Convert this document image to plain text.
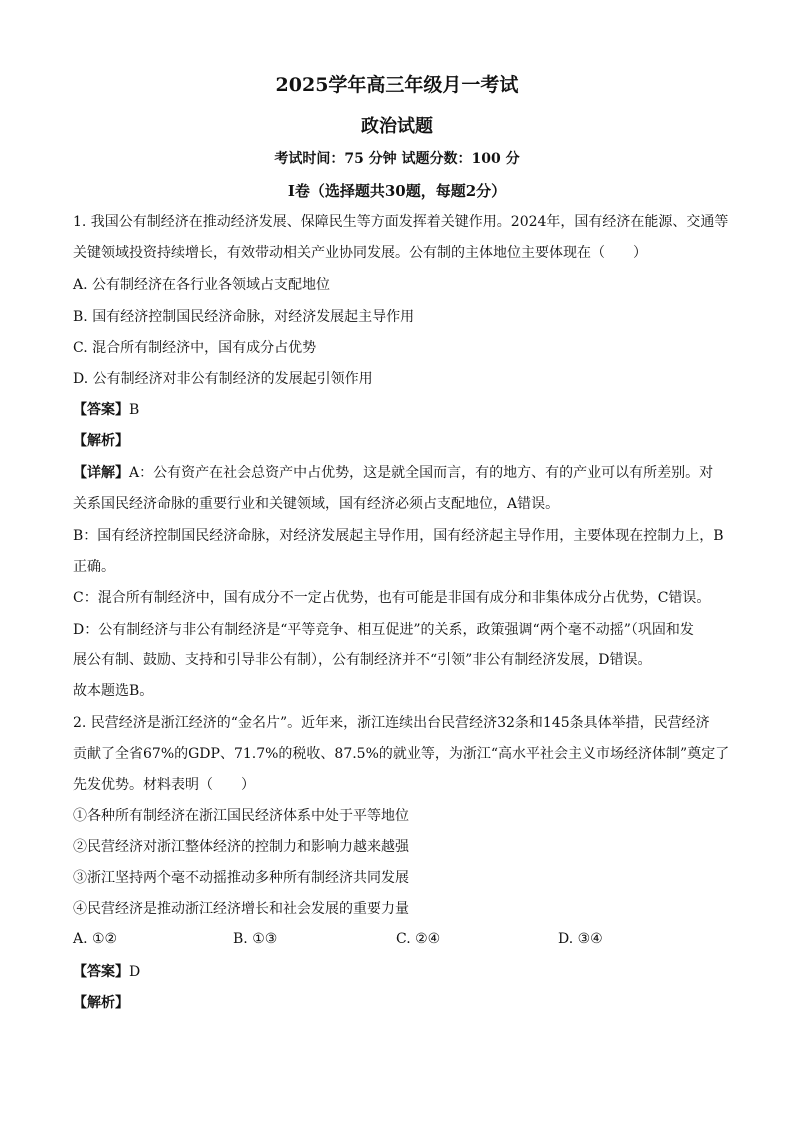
2025学年高三年级月一考试
政治试题
考试时间：75 分钟 试题分数：100 分
Ⅰ卷（选择题共30题，每题2分）
1. 我国公有制经济在推动经济发展、保障民生等方面发挥着关键作用。2024年，国有经济在能源、交通等
关键领域投资持续增长，有效带动相关产业协同发展。公有制的主体地位主要体现在（　　）
A. 公有制经济在各行业各领域占支配地位
B. 国有经济控制国民经济命脉，对经济发展起主导作用
C. 混合所有制经济中，国有成分占优势
D. 公有制经济对非公有制经济的发展起引领作用
【答案】B
【解析】
【详解】A：公有资产在社会总资产中占优势，这是就全国而言，有的地方、有的产业可以有所差别。对
关系国民经济命脉的重要行业和关键领域，国有经济必须占支配地位，A错误。
B：国有经济控制国民经济命脉，对经济发展起主导作用，国有经济起主导作用，主要体现在控制力上，B
正确。
C：混合所有制经济中，国有成分不一定占优势，也有可能是非国有成分和非集体成分占优势，C错误。
D：公有制经济与非公有制经济是“平等竞争、相互促进”的关系，政策强调“两个毫不动摇”（巩固和发
展公有制、鼓励、支持和引导非公有制），公有制经济并不“引领”非公有制经济发展，D错误。
故本题选B。
2. 民营经济是浙江经济的“金名片”。近年来，浙江连续出台民营经济32条和145条具体举措，民营经济
贡献了全省67%的GDP、71.7%的税收、87.5%的就业等，为浙江“高水平社会主义市场经济体制”奠定了
先发优势。材料表明（　　）
①各种所有制经济在浙江国民经济体系中处于平等地位
②民营经济对浙江整体经济的控制力和影响力越来越强
③浙江坚持两个毫不动摇推动多种所有制经济共同发展
④民营经济是推动浙江经济增长和社会发展的重要力量
A. ①②	B. ①③	C. ②④	D. ③④
【答案】D
【解析】
